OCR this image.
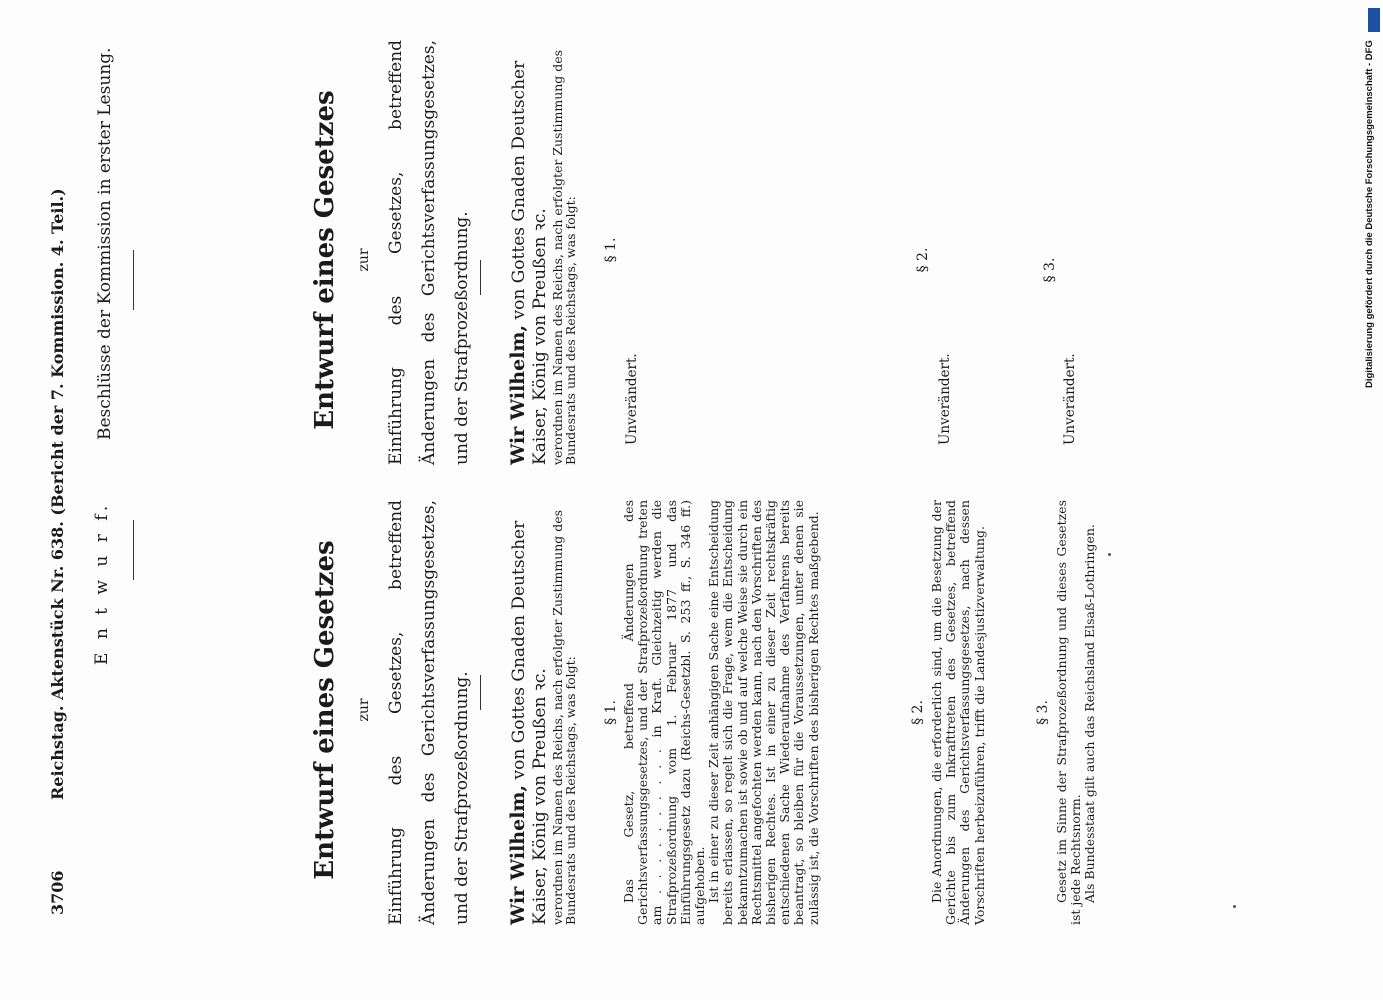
3706
Reichstag. Aktenstück Nr. 638. (Bericht der 7. Kommission. 4. Teil.) E n t w u r f.	Entwurf eines Gesetzes zur Einführung des Gesetzes, betreffend Änderungen des Gerichtsverfassungsgesetzes, und der Strafprozeßordnung.	Wir Wilhelm, von Gottes Gnaden Deutscher Kaiser, König von Preußen ꝛc. verordnen im Namen des Reichs, nach erfolgter Zustimmung des Bundesrats und des Reichstags, was folgt: § 1. Das Gesetz, betreffend Änderungen des Gerichtsverfassungsgesetzes, und der Strafprozeßordnung treten am . . . . . . . . . . in Kraft. Gleichzeitig werden die Strafprozeßordnung vom 1. Februar 1877 und das Einführungsgesetz dazu (Reichs-Gesetzbl. S. 253 ff., S. 346 ff.) aufgehoben. Ist in einer zu dieser Zeit anhängigen Sache eine Entscheidung bereits erlassen, so regelt sich die Frage, wem die Entscheidung bekanntzumachen ist sowie ob und auf welche Weise sie durch ein Rechtsmittel angefochten werden kann, nach den Vorschriften des bisherigen Rechtes. Ist in einer zu dieser Zeit rechtskräftig entschiedenen Sache Wiederaufnahme des Verfahrens bereits beantragt, so bleiben für die Voraussetzungen, unter denen sie zulässig ist, die Vorschriften des bisherigen Rechtes maßgebend.	§ 2. Die Anordnungen, die erforderlich sind, um die Besetzung der Gerichte bis zum Inkrafttreten des Gesetzes, betreffend Änderungen des Gerichtsverfassungsgesetzes, nach dessen Vorschriften herbeizuführen, trifft die Landesjustizverwaltung.	§ 3. Gesetz im Sinne der Strafprozeßordnung und dieses Gesetzes ist jede Rechtsnorm. Als Bundesstaat gilt auch das Reichsland Elsaß-Lothringen.

Beschlüsse der Kommission in erster Lesung.	Entwurf eines Gesetzes zur Einführung des Gesetzes, betreffend Änderungen des Gerichtsverfassungsgesetzes, und der Strafprozeßordnung.	Wir Wilhelm, von Gottes Gnaden Deutscher Kaiser, König von Preußen ꝛc. verordnen im Namen des Reichs, nach erfolgter Zustimmung des Bundesrats und des Reichstags, was folgt: § 1.
Unverändert.
§ 2.
Unverändert.
§ 3.
Unverändert.
Digitalisierung gefördert durch die Deutsche Forschungsgemeinschaft - DFG
